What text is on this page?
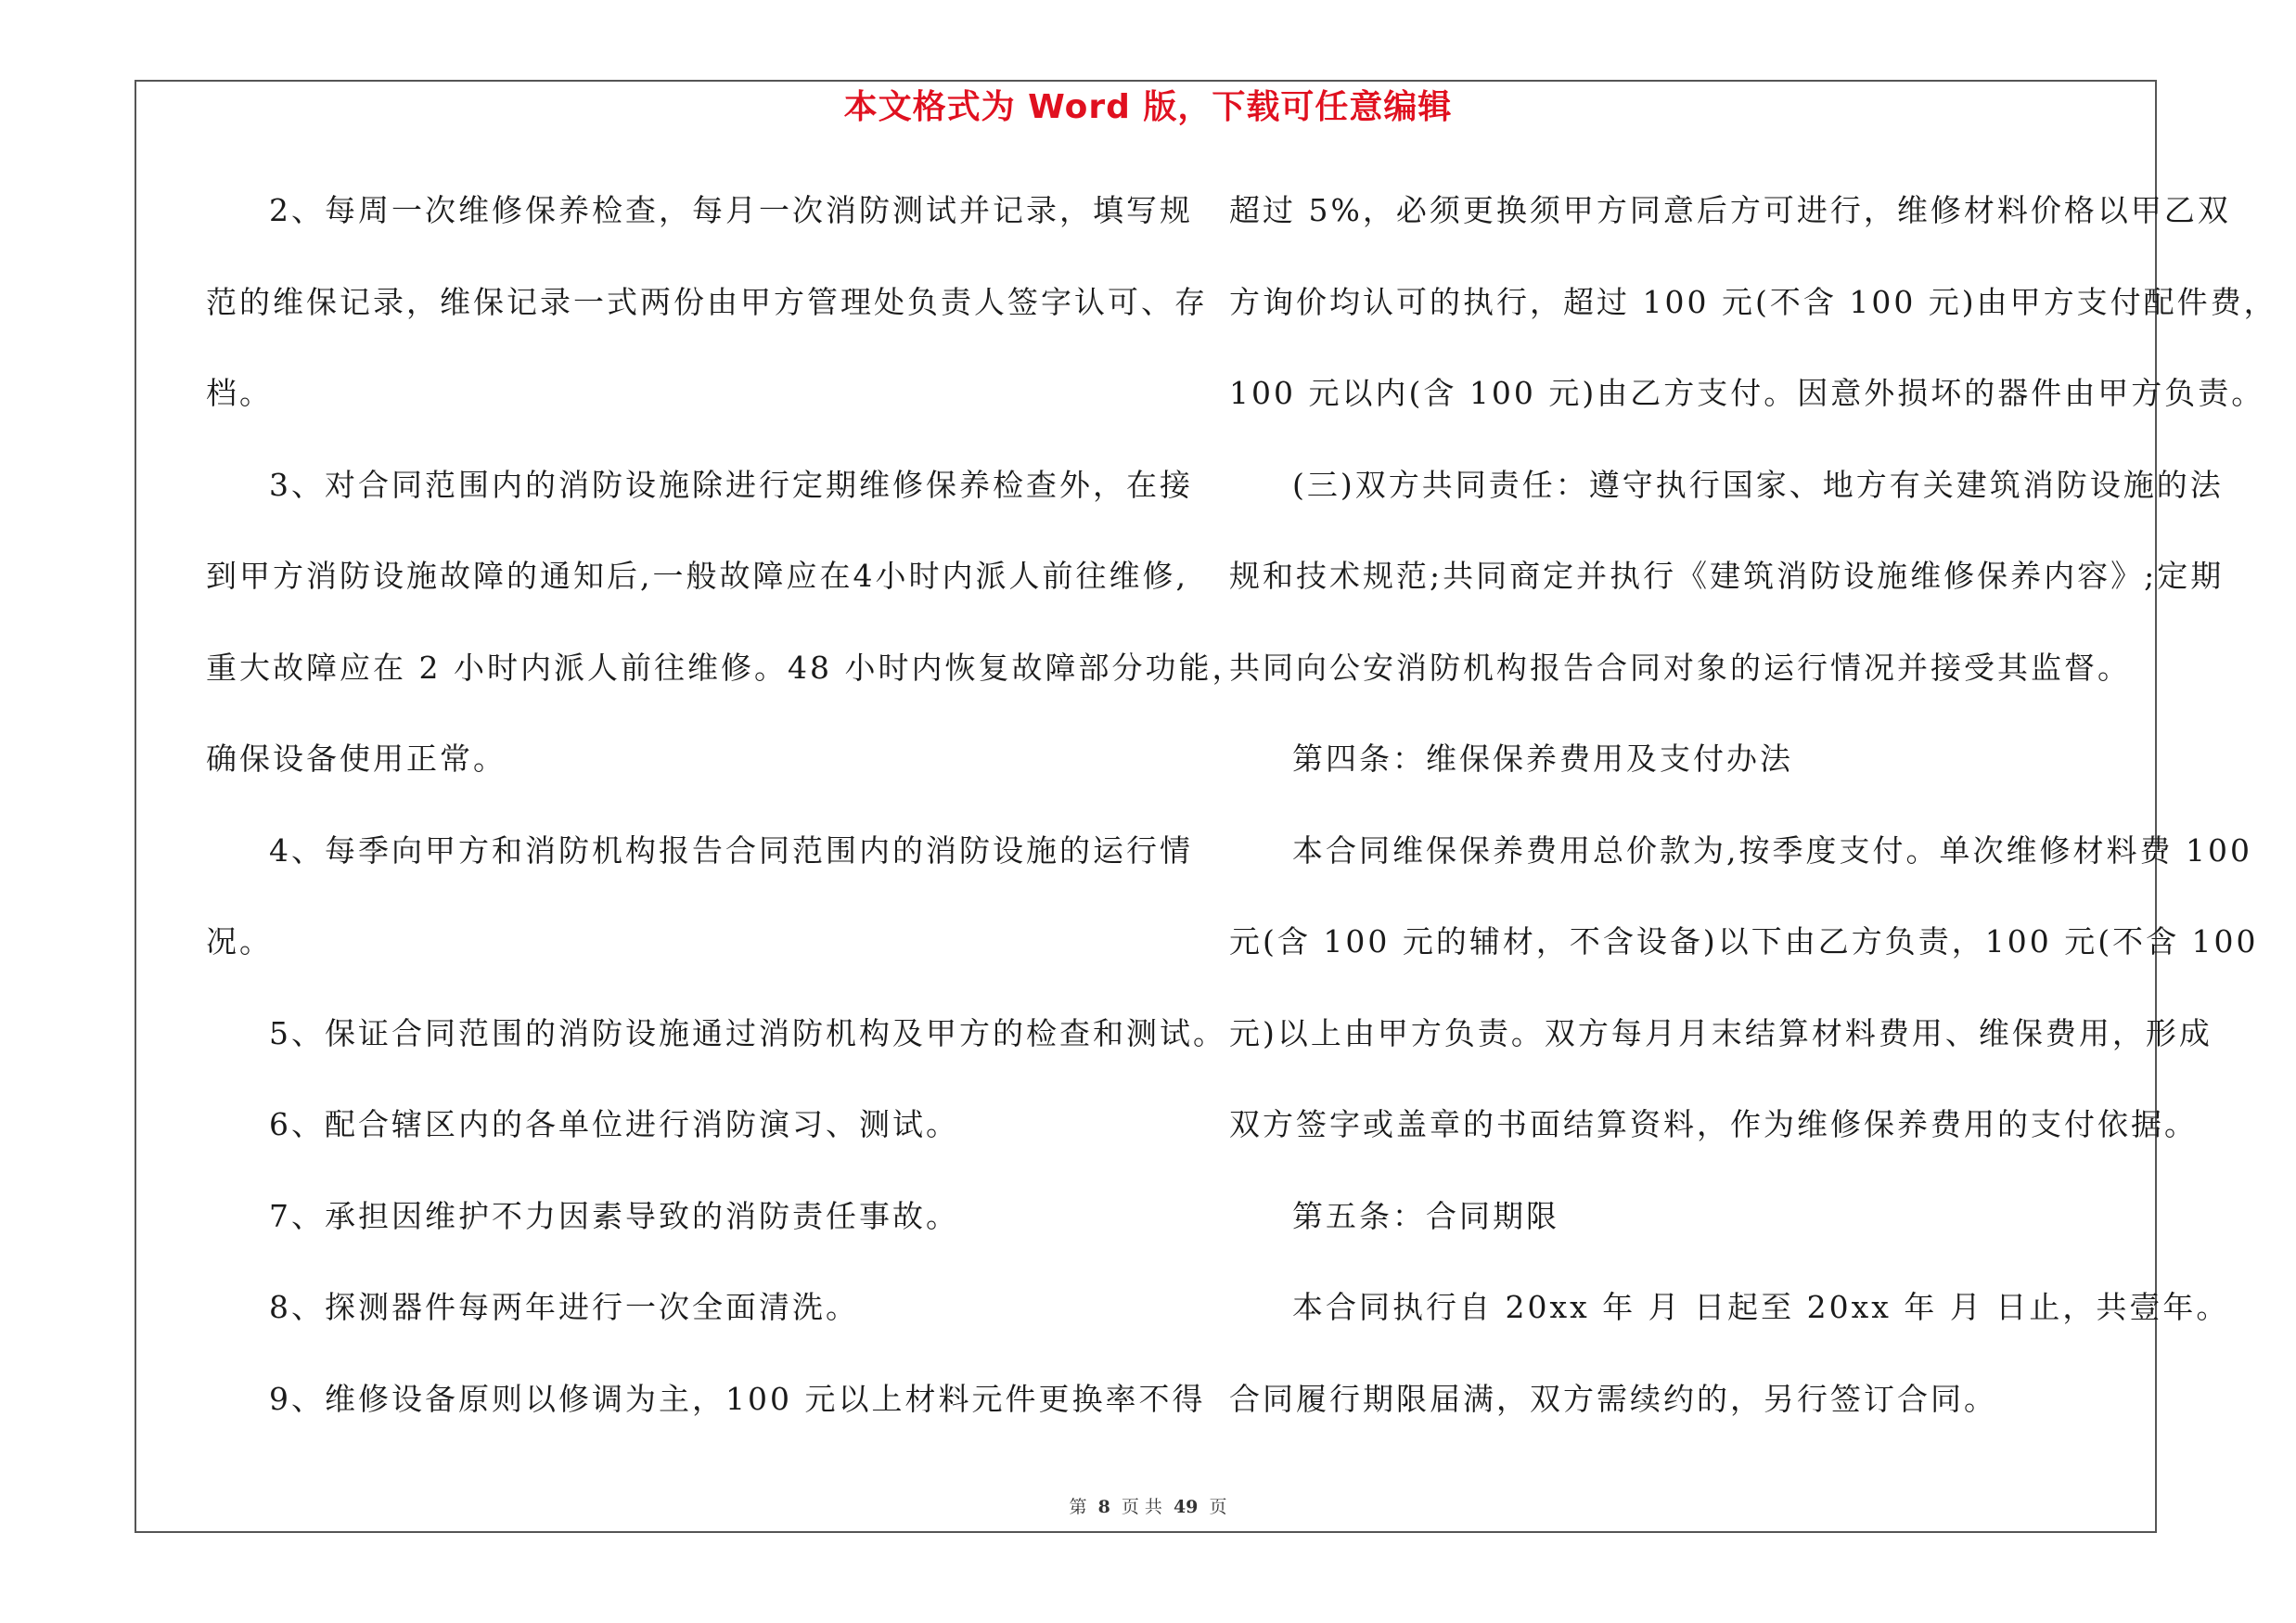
本文格式为 Word 版，下载可任意编辑
2、每周一次维修保养检查，每月一次消防测试并记录，填写规
范的维保记录，维保记录一式两份由甲方管理处负责人签字认可、存
档。
3、对合同范围内的消防设施除进行定期维修保养检查外，在接
到甲方消防设施故障的通知后,一般故障应在4小时内派人前往维修,
重大故障应在 2 小时内派人前往维修。48 小时内恢复故障部分功能，
确保设备使用正常。
4、每季向甲方和消防机构报告合同范围内的消防设施的运行情
况。
5、保证合同范围的消防设施通过消防机构及甲方的检查和测试。
6、配合辖区内的各单位进行消防演习、测试。
7、承担因维护不力因素导致的消防责任事故。
8、探测器件每两年进行一次全面清洗。
9、维修设备原则以修调为主，100 元以上材料元件更换率不得
超过 5%，必须更换须甲方同意后方可进行，维修材料价格以甲乙双
方询价均认可的执行，超过 100 元(不含 100 元)由甲方支付配件费，
100 元以内(含 100 元)由乙方支付。因意外损坏的器件由甲方负责。
(三)双方共同责任：遵守执行国家、地方有关建筑消防设施的法
规和技术规范;共同商定并执行《建筑消防设施维修保养内容》;定期
共同向公安消防机构报告合同对象的运行情况并接受其监督。
第四条：维保保养费用及支付办法
本合同维保保养费用总价款为,按季度支付。单次维修材料费 100
元(含 100 元的辅材，不含设备)以下由乙方负责，100 元(不含 100
元)以上由甲方负责。双方每月月末结算材料费用、维保费用，形成
双方签字或盖章的书面结算资料，作为维修保养费用的支付依据。
第五条：合同期限
本合同执行自 20xx 年 月 日起至 20xx 年 月 日止，共壹年。
合同履行期限届满，双方需续约的，另行签订合同。
第 8 页 共 49 页
